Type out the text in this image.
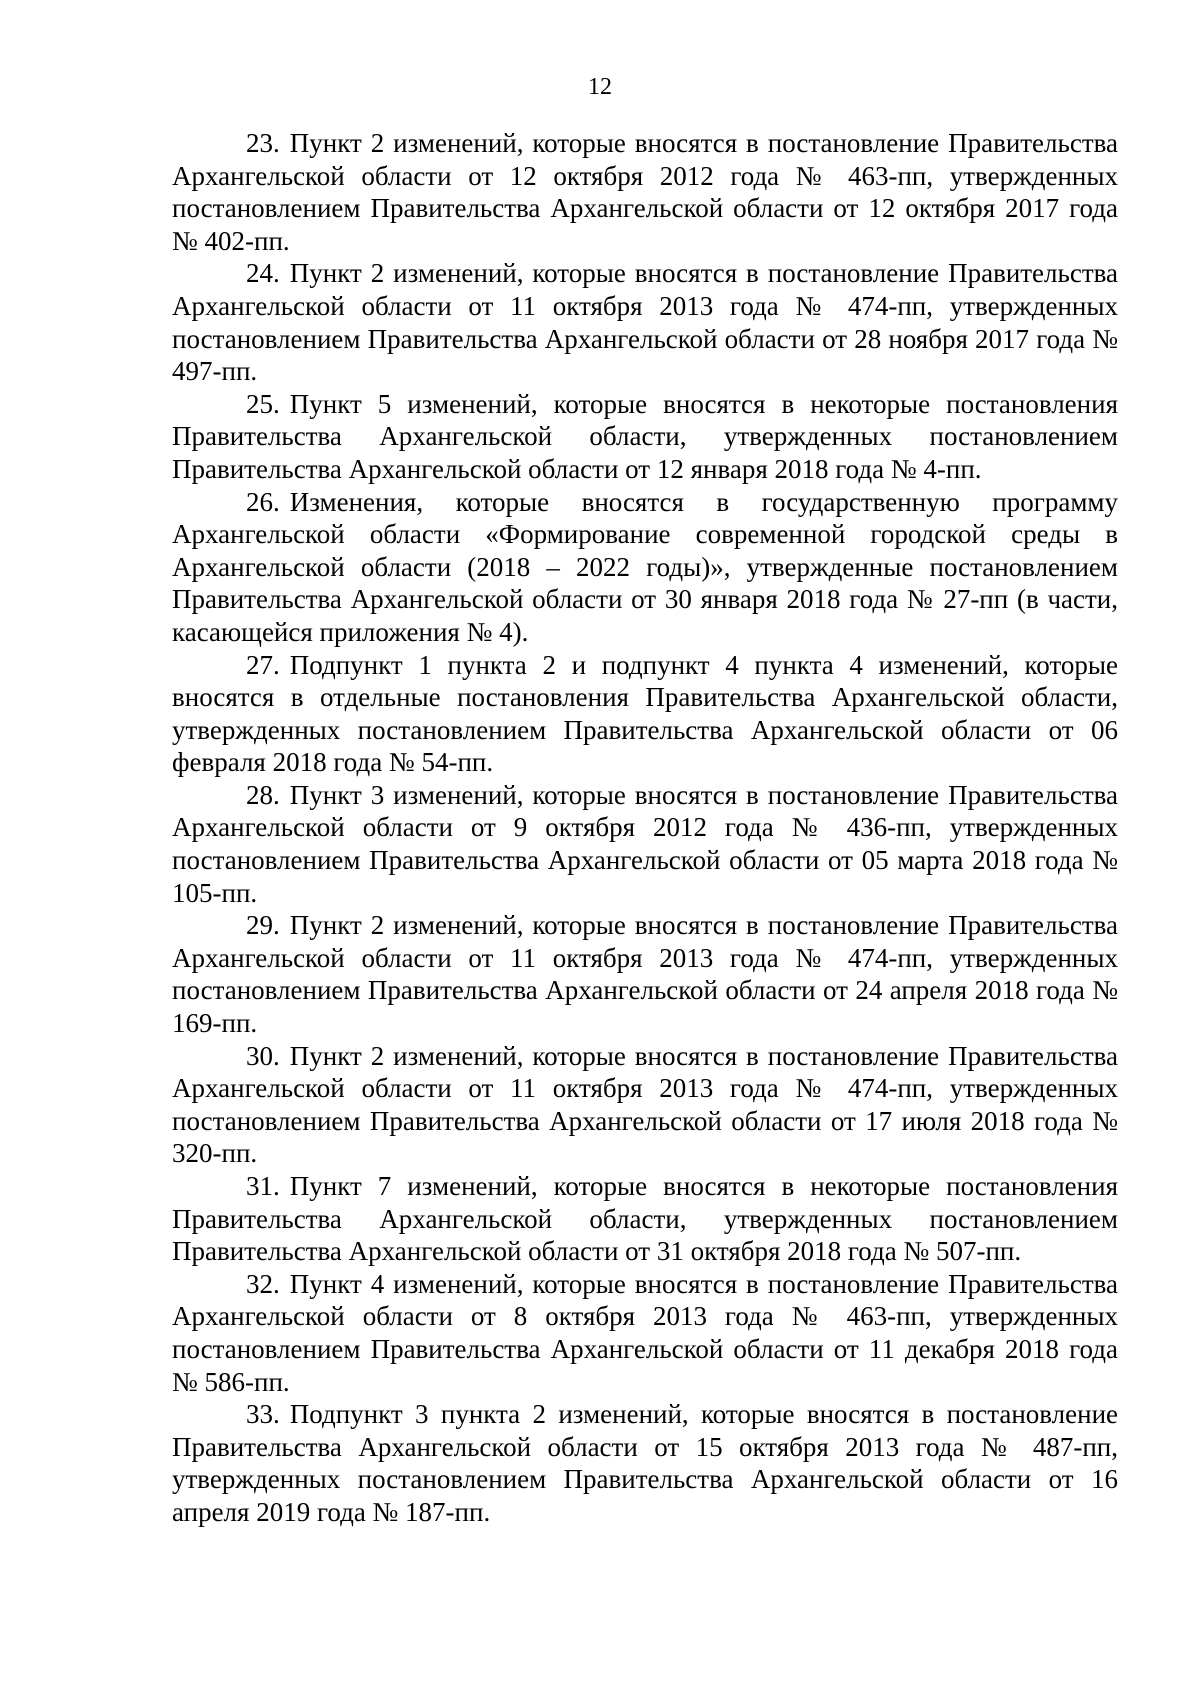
12

23. Пункт 2 изменений, которые вносятся в постановление Правительства Архангельской области от 12 октября 2012 года № 463-пп, утвержденных постановлением Правительства Архангельской области от 12 октября 2017 года № 402-пп.

24. Пункт 2 изменений, которые вносятся в постановление Правительства Архангельской области от 11 октября 2013 года № 474-пп, утвержденных постановлением Правительства Архангельской области от 28 ноября 2017 года № 497-пп.

25. Пункт 5 изменений, которые вносятся в некоторые постановления Правительства Архангельской области, утвержденных постановлением Правительства Архангельской области от 12 января 2018 года № 4-пп.

26. Изменения, которые вносятся в государственную программу Архангельской области «Формирование современной городской среды в Архангельской области (2018 – 2022 годы)», утвержденные постановлением Правительства Архангельской области от 30 января 2018 года № 27-пп (в части, касающейся приложения № 4).

27. Подпункт 1 пункта 2 и подпункт 4 пункта 4 изменений, которые вносятся в отдельные постановления Правительства Архангельской области, утвержденных постановлением Правительства Архангельской области от 06 февраля 2018 года № 54-пп.

28. Пункт 3 изменений, которые вносятся в постановление Правительства Архангельской области от 9 октября 2012 года № 436-пп, утвержденных постановлением Правительства Архангельской области от 05 марта 2018 года № 105-пп.

29. Пункт 2 изменений, которые вносятся в постановление Правительства Архангельской области от 11 октября 2013 года № 474-пп, утвержденных постановлением Правительства Архангельской области от 24 апреля 2018 года № 169-пп.

30. Пункт 2 изменений, которые вносятся в постановление Правительства Архангельской области от 11 октября 2013 года № 474-пп, утвержденных постановлением Правительства Архангельской области от 17 июля 2018 года № 320-пп.

31. Пункт 7 изменений, которые вносятся в некоторые постановления Правительства Архангельской области, утвержденных постановлением Правительства Архангельской области от 31 октября 2018 года № 507-пп.

32. Пункт 4 изменений, которые вносятся в постановление Правительства Архангельской области от 8 октября 2013 года № 463-пп, утвержденных постановлением Правительства Архангельской области от 11 декабря 2018 года № 586-пп.

33. Подпункт 3 пункта 2 изменений, которые вносятся в постановление Правительства Архангельской области от 15 октября 2013 года № 487-пп, утвержденных постановлением Правительства Архангельской области от 16 апреля 2019 года № 187-пп.
